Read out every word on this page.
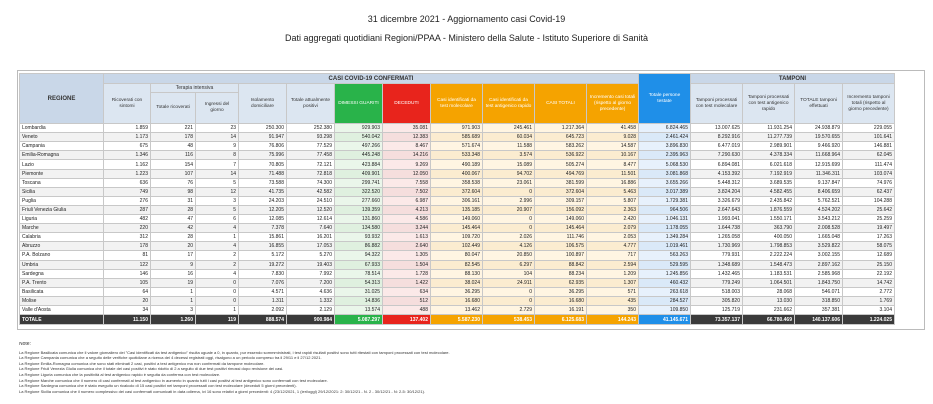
31 dicembre 2021 - Aggiornamento casi Covid-19
Dati aggregati quotidiani Regioni/PPAA - Ministero della Salute - Istituto Superiore di Sanità
REGIONE	CASI COVID-19 CONFERMATI											Totale persone testate	TAMPONI			
	Ricoverati con sintomi	Terapia intensiva		Isolamento domiciliare	Totale attualmente positivi	DIMESSI GUARITI	DECEDUTI	Casi identificati da test molecolare	Casi identificati da test antigenico rapido	CASI TOTALI	Incremento casi totali (rispetto al giorno precedente)		Tamponi processati con test molecolare	Tamponi processati con test antigenico rapido	TOTALE tamponi effettuati	Incremento tamponi totali (rispetto al giorno precedente)
		Totale ricoverati	Ingressi del giorno													
Lombardia	1.859	221	23	250.300	252.380	929.903	35.081	971.903	245.461	1.217.364	41.458	6.824.465	13.007.625	11.931.254	24.938.879	229.055
Veneto	1.173	178	14	91.947	93.298	540.042	12.383	585.689	60.034	645.723	9.028	2.461.424	8.292.916	11.277.739	19.570.655	101.641
Campania	675	48	9	76.806	77.529	497.266	8.467	571.674	11.588	583.262	14.587	3.896.830	6.477.019	2.989.901	9.466.920	146.881
Emilia-Romagna	1.346	116	8	75.996	77.458	445.248	14.216	533.348	3.574	536.922	10.167	2.395.963	7.290.630	4.378.334	11.668.964	62.045
Lazio	1.162	154	7	70.805	72.121	423.884	9.269	490.189	15.089	505.274	8.477	5.068.530	6.894.081	6.021.618	12.915.699	111.474
Piemonte	1.223	107	14	71.488	72.818	409.901	12.050	400.067	94.702	494.769	11.501	3.081.868	4.153.392	7.192.919	11.346.311	103.074
Toscana	636	76	5	73.588	74.300	299.741	7.558	358.538	23.061	381.599	16.886	3.655.266	5.448.312	3.689.535	9.137.847	74.976
Sicilia	749	98	12	41.735	42.582	322.520	7.502	372.604	0	372.604	5.463	3.017.389	3.824.204	4.582.455	8.406.659	62.437
Puglia	276	31	3	24.203	24.510	277.660	6.987	306.161	2.996	309.157	5.807	1.729.381	3.326.679	2.435.842	5.762.521	104.288
Friuli Venezia Giulia	287	28	5	12.205	12.520	139.359	4.213	135.185	20.907	156.092	2.363	964.506	2.647.643	1.876.559	4.524.202	25.642
Liguria	482	47	6	12.085	12.614	131.860	4.586	149.060	0	149.060	2.420	1.046.131	1.993.041	1.550.171	3.543.212	25.259
Marche	220	42	4	7.378	7.640	134.580	3.244	145.464	0	145.464	2.079	1.178.055	1.644.738	363.790	2.008.528	19.497
Calabria	312	28	1	15.861	16.201	93.932	1.613	109.720	2.026	111.746	2.053	1.349.284	1.265.058	400.050	1.665.048	17.263
Abruzzo	178	20	4	16.855	17.053	86.882	2.640	102.449	4.126	106.575	4.777	1.019.461	1.730.969	1.798.853	3.529.822	58.075
P.A. Bolzano	81	17	2	5.172	5.270	94.322	1.305	80.047	20.850	100.897	717	563.263	779.931	2.222.224	3.002.155	12.689
Umbria	122	9	2	19.272	19.403	67.933	1.504	82.545	6.297	88.842	2.594	529.595	1.348.689	1.548.473	2.897.162	25.150
Sardegna	146	16	4	7.830	7.992	78.514	1.728	88.130	104	88.234	1.209	1.245.856	1.432.465	1.183.531	2.585.968	22.192
P.A. Trento	105	19	0	7.076	7.200	54.313	1.422	38.024	24.911	62.935	1.307	460.432	779.249	1.064.501	1.843.750	14.742
Basilicata	64	1	0	4.571	4.636	31.025	634	36.295	0	36.295	571	263.618	518.003	28.068	546.071	2.772
Molise	20	1	0	1.311	1.332	14.836	512	16.680	0	16.680	435	284.527	305.820	13.030	318.850	1.769
Valle d'Aosta	34	3	1	2.092	2.129	13.574	488	13.462	2.729	16.191	350	109.850	125.719	231.662	357.381	3.104
TOTALE	11.150	1.260	119	888.574	900.984	5.087.297	137.402	5.587.230	538.453	6.125.683	144.243	41.145.671	73.357.137	66.780.469	140.137.606	1.224.025
Note:
La Regione Basilicata comunica che il valore giornaliero dei "Casi identificati da test antigenico" risulta uguale a 0, in quanto, pur essendo sommministrati, i test rapidi risultati positivi sono tutti ritestati con tamponi processati con test molecolare.
La Regione Campania comunica che a seguito delle verifiche quotidiane a ricerca dei 4 decessi registrati oggi, risalgono a un periodo compreso tra il 29/11 e il 27/12 2021.
La Regione Emilia-Romagna comunica che sono stati eliminati 2 casi, positivi a test antigenico ma non confermati da tampone molecolare.
La Regione Friuli Venezia Giulia comunica che il totale dei casi positivi è stato ridotto di 2 a seguito di due test positivi rimossi dopo revisione dei casi.
La Regione Liguria comunica che la positività al test antigenico rapido è seguita da conferma con test molecolare.
La Regione Marche comunica che il numero di casi confermati al test antigenico in aumento in quanto tutti i casi positivi al test antigenico sono confermati con test molecolare.
La Regione Sardegna comunica che è stato eseguito un ricalcolo di 15 casi positivi nei tamponi processati con test molecolare (deceduti 5 giorni precedenti).
La Regione Sicilia comunica che il numero complessivo dei casi confermati comunicati in data odierna, ivi 16 sono relativi a giorni precedenti: 4 (23/12/2021, 1 (ieri/oggi) 29/12/2021: 2: 30/12/21 - N. 2 - 30/12/21 - N: 2-5: 30/12/21).
